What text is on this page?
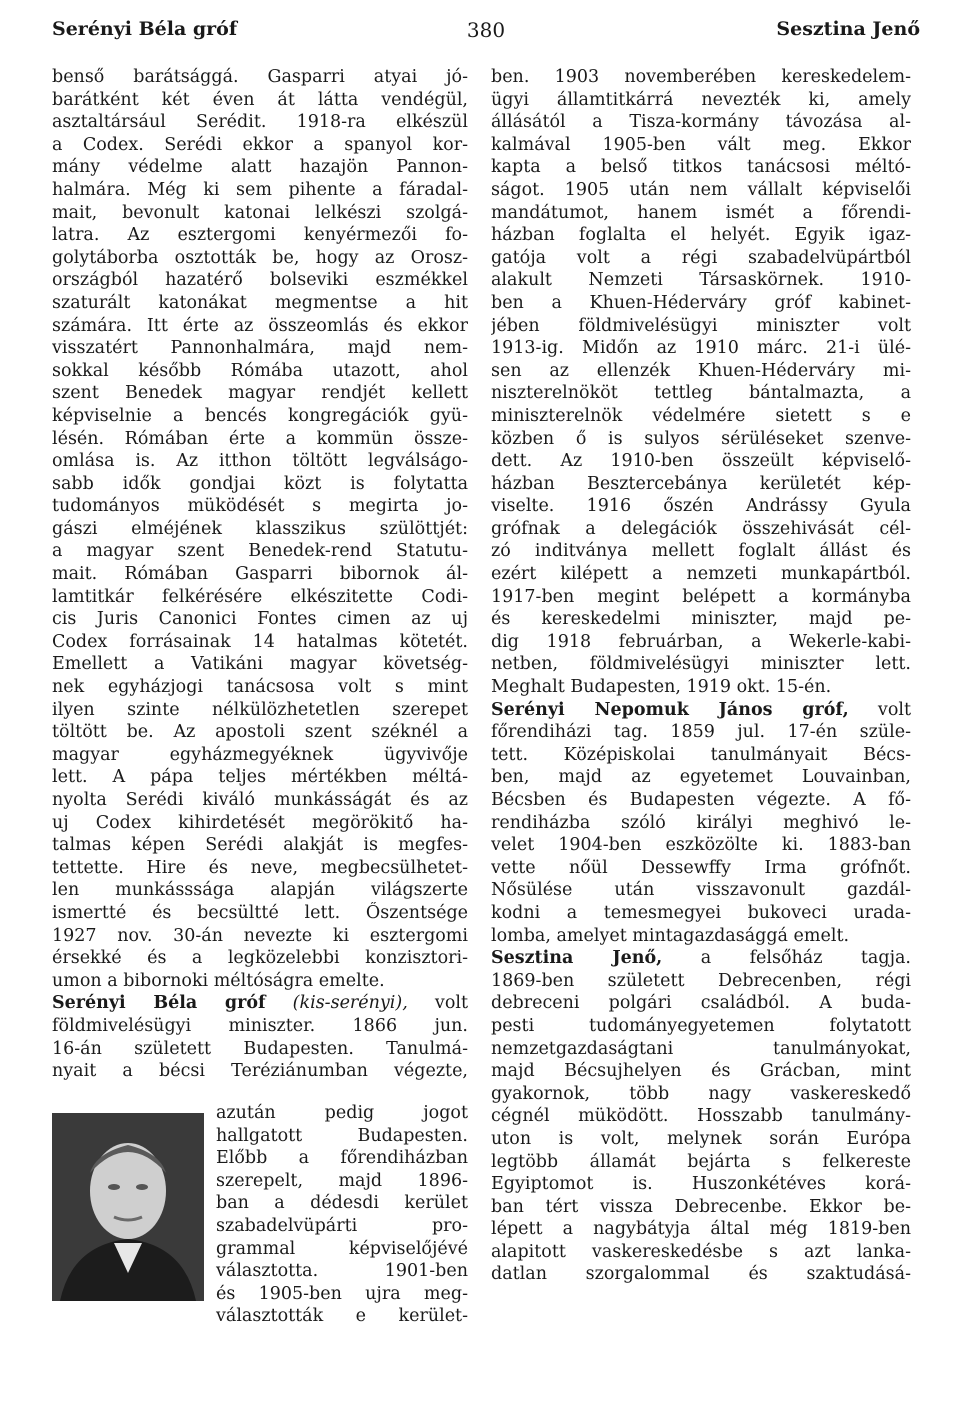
Serényi Béla gróf	380	Sesztina Jenő
benső barátsággá. Gasparri atyai jó-
barátként két éven át látta vendégül,
asztaltársául Serédit. 1918-ra elkészül
a Codex. Serédi ekkor a spanyol kor-
mány védelme alatt hazajön Pannon-
halmára. Még ki sem pihente a fáradal-
mait, bevonult katonai lelkészi szolgá-
latra. Az esztergomi kenyérmezői fo-
golytáborba osztották be, hogy az Orosz-
országból hazatérő bolseviki eszmékkel
szaturált katonákat megmentse a hit
számára. Itt érte az összeomlás és ekkor
visszatért Pannonhalmára, majd nem-
sokkal később Rómába utazott, ahol
szent Benedek magyar rendjét kellett
képviselnie a bencés kongregációk gyü-
lésén. Rómában érte a kommün össze-
omlása is. Az itthon töltött legválságo-
sabb idők gondjai közt is folytatta
tudományos müködését s megirta jo-
gászi elméjének klasszikus szülöttjét:
a magyar szent Benedek-rend Statutu-
mait. Rómában Gasparri bibornok ál-
lamtitkár felkérésére elkészitette Codi-
cis Juris Canonici Fontes cimen az uj
Codex forrásainak 14 hatalmas kötetét.
Emellett a Vatikáni magyar követség-
nek egyházjogi tanácsosa volt s mint
ilyen szinte nélkülözhetetlen szerepet
töltött be. Az apostoli szent széknél a
magyar egyházmegyéknek ügyvivője
lett. A pápa teljes mértékben méltá-
nyolta Serédi kiváló munkásságát és az
uj Codex kihirdetését megörökitő ha-
talmas képen Serédi alakját is megfes-
tettette. Hire és neve, megbecsülhetet-
len munkásssága alapján világszerte
ismertté és becsültté lett. Őszentsége
1927 nov. 30-án nevezte ki esztergomi
érsekké és a legközelebbi konzisztori-
umon a bibornoki méltóságra emelte.
Serényi Béla gróf (kis-serényi), volt
földmivelésügyi miniszter. 1866 jun.
16-án született Budapesten. Tanulmá-
nyait a bécsi Teréziánumban végezte,
azután pedig jogot
hallgatott Budapesten.
Előbb a főrendiházban
szerepelt, majd 1896-
ban a dédesdi kerület
szabadelvüpárti pro-
grammal képviselőjévé
választotta. 1901-ben
és 1905-ben ujra meg-
választották e kerület-
ben. 1903 novemberében kereskedelem-
ügyi államtitkárrá nevezték ki, amely
állásától a Tisza-kormány távozása al-
kalmával 1905-ben vált meg. Ekkor
kapta a belső titkos tanácsosi méltó-
ságot. 1905 után nem vállalt képviselői
mandátumot, hanem ismét a főrendi-
házban foglalta el helyét. Egyik igaz-
gatója volt a régi szabadelvüpártból
alakult Nemzeti Társaskörnek. 1910-
ben a Khuen-Héderváry gróf kabinet-
jében földmivelésügyi miniszter volt
1913-ig. Midőn az 1910 márc. 21-i ülé-
sen az ellenzék Khuen-Héderváry mi-
niszterelnököt tettleg bántalmazta, a
miniszterelnök védelmére sietett s e
közben ő is sulyos sérüléseket szenve-
dett. Az 1910-ben összeült képviselő-
házban Besztercebánya kerületét kép-
viselte. 1916 őszén Andrássy Gyula
grófnak a delegációk összehivását cél-
zó inditványa mellett foglalt állást és
ezért kilépett a nemzeti munkapártból.
1917-ben megint belépett a kormányba
és kereskedelmi miniszter, majd pe-
dig 1918 februárban, a Wekerle-kabi-
netben, földmivelésügyi miniszter lett.
Meghalt Budapesten, 1919 okt. 15-én.
Serényi Nepomuk János gróf, volt
főrendiházi tag. 1859 jul. 17-én szüle-
tett. Középiskolai tanulmányait Bécs-
ben, majd az egyetemet Louvainban,
Bécsben és Budapesten végezte. A fő-
rendiházba szóló királyi meghivó le-
velet 1904-ben eszközölte ki. 1883-ban
vette nőül Dessewffy Irma grófnőt.
Nősülése után visszavonult gazdál-
kodni a temesmegyei bukoveci urada-
lomba, amelyet mintagazdasággá emelt.
Sesztina Jenő, a felsőház tagja.
1869-ben született Debrecenben, régi
debreceni polgári családból. A buda-
pesti tudományegyetemen folytatott
nemzetgazdaságtani tanulmányokat,
majd Bécsujhelyen és Grácban, mint
gyakornok, több nagy vaskereskedő
cégnél müködött. Hosszabb tanulmány-
uton is volt, melynek során Európa
legtöbb államát bejárta s felkereste
Egyiptomot is. Huszonkétéves korá-
ban tért vissza Debrecenbe. Ekkor be-
lépett a nagybátyja által még 1819-ben
alapitott vaskereskedésbe s azt lanka-
datlan szorgalommal és szaktudásá-
